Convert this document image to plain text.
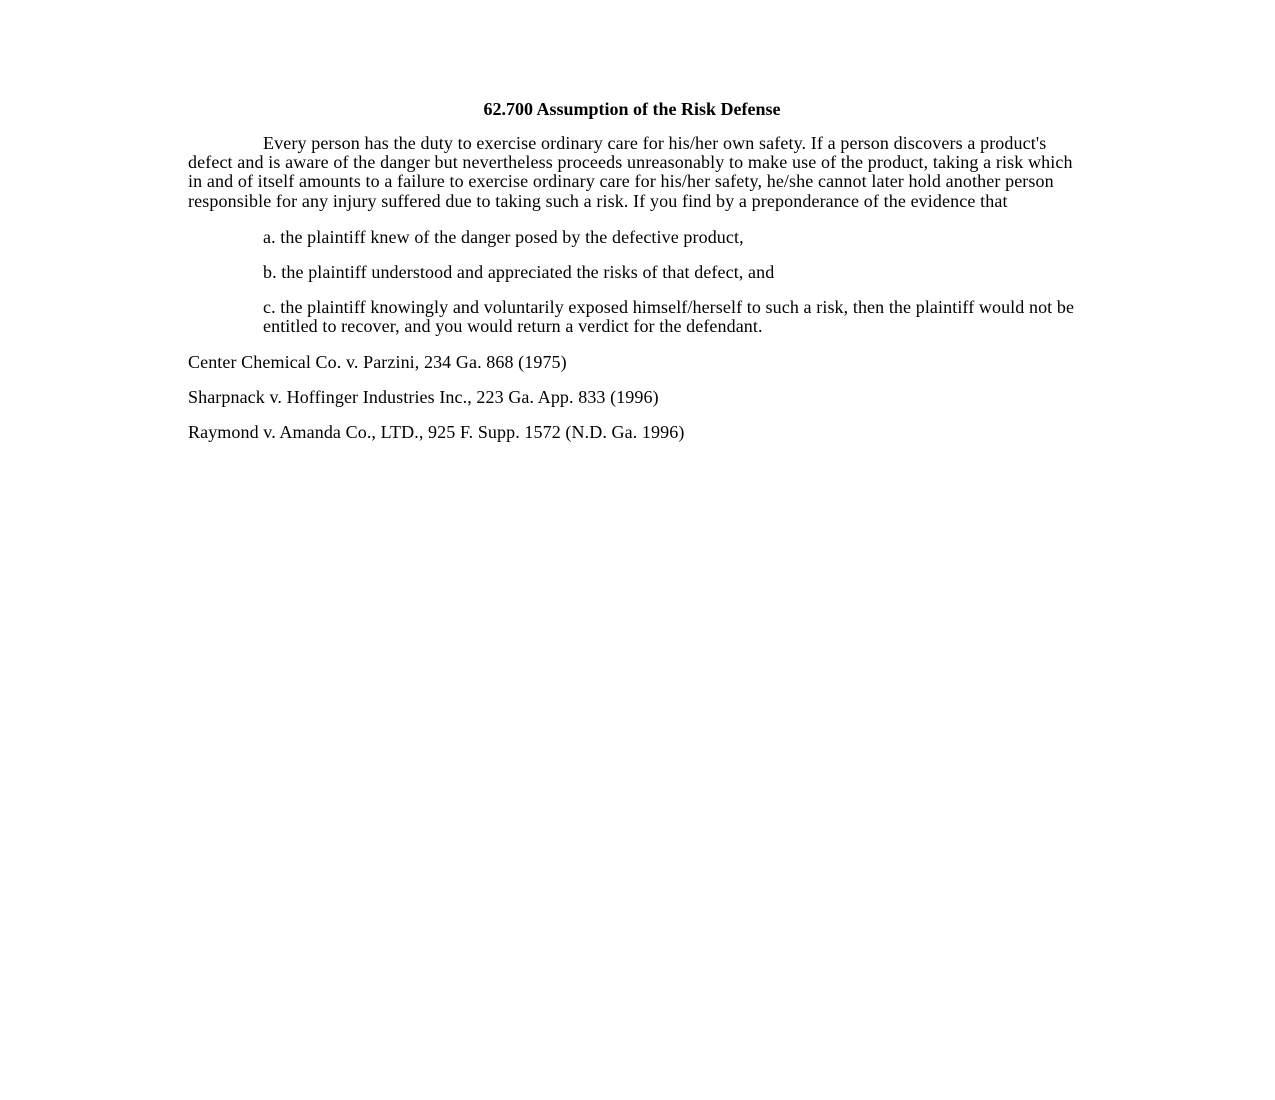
62.700 Assumption of the Risk Defense

Every person has the duty to exercise ordinary care for his/her own safety. If a person discovers a product's defect and is aware of the danger but nevertheless proceeds unreasonably to make use of the product, taking a risk which in and of itself amounts to a failure to exercise ordinary care for his/her safety, he/she cannot later hold another person responsible for any injury suffered due to taking such a risk. If you find by a preponderance of the evidence that

a. the plaintiff knew of the danger posed by the defective product,

b. the plaintiff understood and appreciated the risks of that defect, and

c. the plaintiff knowingly and voluntarily exposed himself/herself to such a risk, then the plaintiff would not be entitled to recover, and you would return a verdict for the defendant.

Center Chemical Co. v. Parzini, 234 Ga. 868 (1975)

Sharpnack v. Hoffinger Industries Inc., 223 Ga. App. 833 (1996)

Raymond v. Amanda Co., LTD., 925 F. Supp. 1572 (N.D. Ga. 1996)
